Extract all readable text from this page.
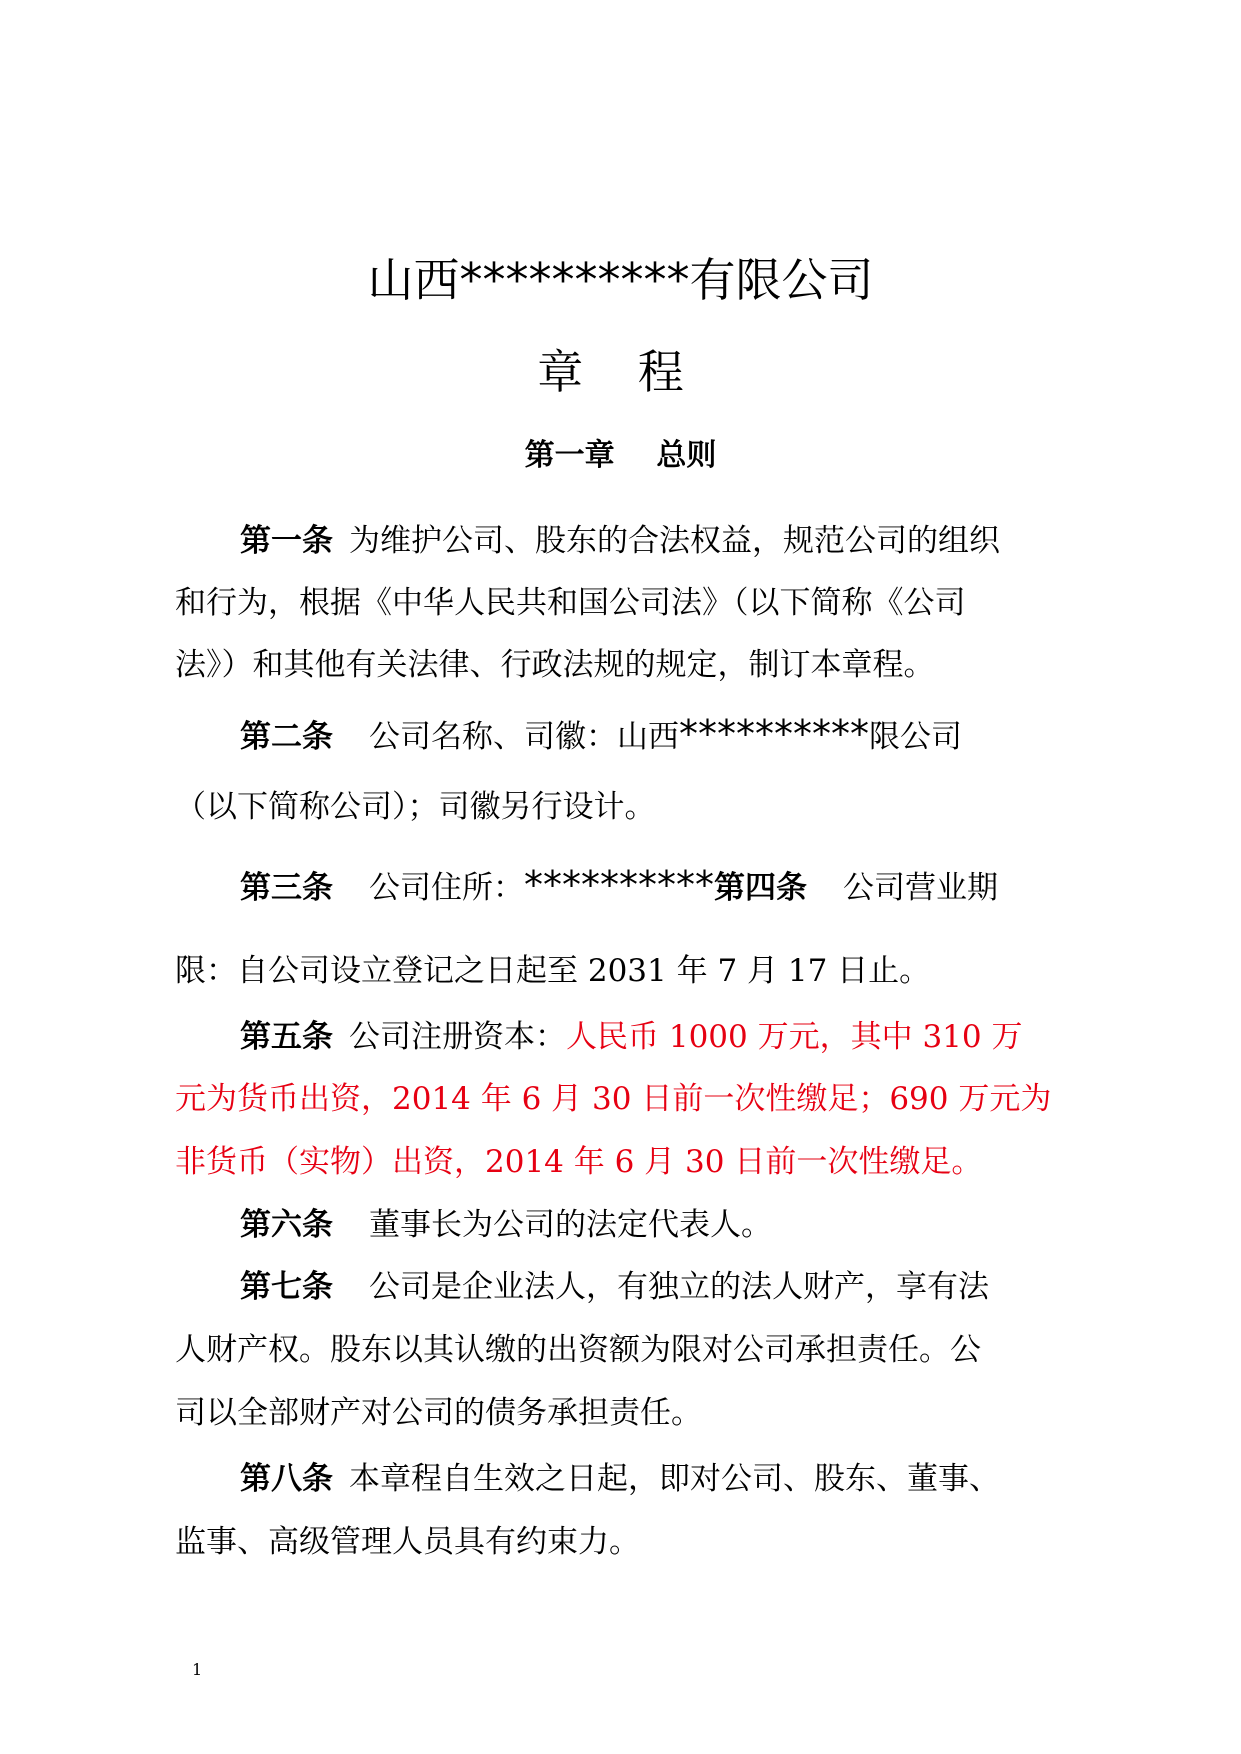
山西**********有限公司
章 程
第一章    总则
第一条 为维护公司、股东的合法权益，规范公司的组织
和行为，根据《中华人民共和国公司法》（以下简称《公司
法》）和其他有关法律、行政法规的规定，制订本章程。
第二条 公司名称、司徽：山西**********限公司
（以下简称公司）；司徽另行设计。
第三条 公司住所：**********第四条 公司营业期
限：自公司设立登记之日起至 2031 年 7 月 17 日止。
第五条 公司注册资本：人民币 1000 万元，其中 310 万
元为货币出资，2014 年 6 月 30 日前一次性缴足；690 万元为
非货币（实物）出资，2014 年 6 月 30 日前一次性缴足。
第六条 董事长为公司的法定代表人。
第七条 公司是企业法人，有独立的法人财产，享有法
人财产权。股东以其认缴的出资额为限对公司承担责任。公
司以全部财产对公司的债务承担责任。
第八条 本章程自生效之日起，即对公司、股东、董事、
监事、高级管理人员具有约束力。
1
